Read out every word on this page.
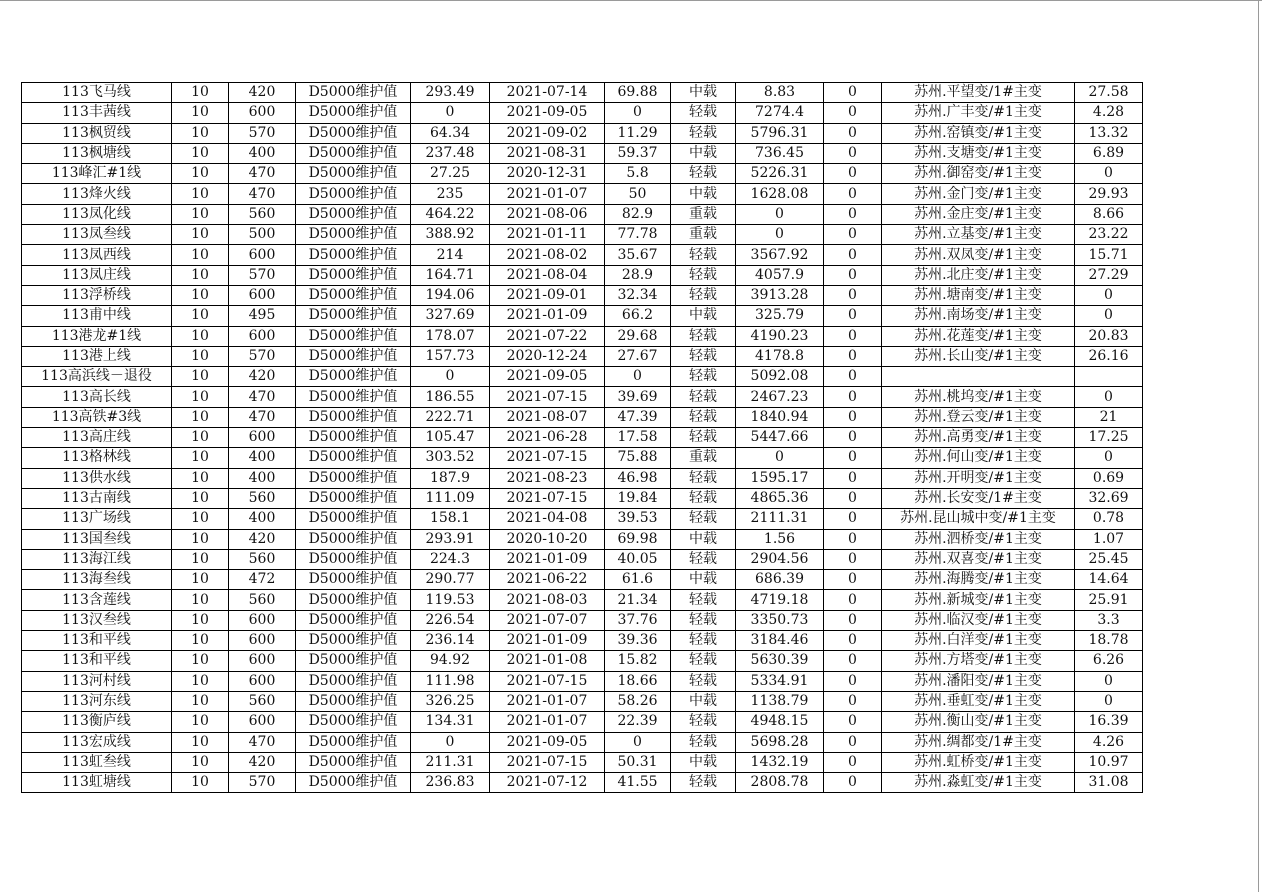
113飞马线	10	420	D5000维护值	293.49	2021-07-14	69.88	中载	8.83	0	苏州.平望变/1#主变	27.58
113丰茜线	10	600	D5000维护值	0	2021-09-05	0	轻载	7274.4	0	苏州.广丰变/#1主变	4.28
113枫贸线	10	570	D5000维护值	64.34	2021-09-02	11.29	轻载	5796.31	0	苏州.窑镇变/#1主变	13.32
113枫塘线	10	400	D5000维护值	237.48	2021-08-31	59.37	中载	736.45	0	苏州.支塘变/#1主变	6.89
113峰汇#1线	10	470	D5000维护值	27.25	2020-12-31	5.8	轻载	5226.31	0	苏州.御窑变/#1主变	0
113烽火线	10	470	D5000维护值	235	2021-01-07	50	中载	1628.08	0	苏州.金门变/#1主变	29.93
113凤化线	10	560	D5000维护值	464.22	2021-08-06	82.9	重载	0	0	苏州.金庄变/#1主变	8.66
113凤叁线	10	500	D5000维护值	388.92	2021-01-11	77.78	重载	0	0	苏州.立基变/#1主变	23.22
113凤西线	10	600	D5000维护值	214	2021-08-02	35.67	轻载	3567.92	0	苏州.双凤变/#1主变	15.71
113凤庄线	10	570	D5000维护值	164.71	2021-08-04	28.9	轻载	4057.9	0	苏州.北庄变/#1主变	27.29
113浮桥线	10	600	D5000维护值	194.06	2021-09-01	32.34	轻载	3913.28	0	苏州.塘南变/#1主变	0
113甫中线	10	495	D5000维护值	327.69	2021-01-09	66.2	中载	325.79	0	苏州.南场变/#1主变	0
113港龙#1线	10	600	D5000维护值	178.07	2021-07-22	29.68	轻载	4190.23	0	苏州.花莲变/#1主变	20.83
113港上线	10	570	D5000维护值	157.73	2020-12-24	27.67	轻载	4178.8	0	苏州.长山变/#1主变	26.16
113高浜线－退役	10	420	D5000维护值	0	2021-09-05	0	轻载	5092.08	0		
113高长线	10	470	D5000维护值	186.55	2021-07-15	39.69	轻载	2467.23	0	苏州.桃坞变/#1主变	0
113高铁#3线	10	470	D5000维护值	222.71	2021-08-07	47.39	轻载	1840.94	0	苏州.登云变/#1主变	21
113高庄线	10	600	D5000维护值	105.47	2021-06-28	17.58	轻载	5447.66	0	苏州.高勇变/#1主变	17.25
113格林线	10	400	D5000维护值	303.52	2021-07-15	75.88	重载	0	0	苏州.何山变/#1主变	0
113供水线	10	400	D5000维护值	187.9	2021-08-23	46.98	轻载	1595.17	0	苏州.开明变/#1主变	0.69
113古南线	10	560	D5000维护值	111.09	2021-07-15	19.84	轻载	4865.36	0	苏州.长安变/1#主变	32.69
113广场线	10	400	D5000维护值	158.1	2021-04-08	39.53	轻载	2111.31	0	苏州.昆山城中变/#1主变	0.78
113国叁线	10	420	D5000维护值	293.91	2020-10-20	69.98	中载	1.56	0	苏州.泗桥变/#1主变	1.07
113海江线	10	560	D5000维护值	224.3	2021-01-09	40.05	轻载	2904.56	0	苏州.双喜变/#1主变	25.45
113海叁线	10	472	D5000维护值	290.77	2021-06-22	61.6	中载	686.39	0	苏州.海腾变/#1主变	14.64
113含莲线	10	560	D5000维护值	119.53	2021-08-03	21.34	轻载	4719.18	0	苏州.新城变/#1主变	25.91
113汉叁线	10	600	D5000维护值	226.54	2021-07-07	37.76	轻载	3350.73	0	苏州.临汉变/#1主变	3.3
113和平线	10	600	D5000维护值	236.14	2021-01-09	39.36	轻载	3184.46	0	苏州.白洋变/#1主变	18.78
113和平线	10	600	D5000维护值	94.92	2021-01-08	15.82	轻载	5630.39	0	苏州.方塔变/#1主变	6.26
113河村线	10	600	D5000维护值	111.98	2021-07-15	18.66	轻载	5334.91	0	苏州.潘阳变/#1主变	0
113河东线	10	560	D5000维护值	326.25	2021-01-07	58.26	中载	1138.79	0	苏州.垂虹变/#1主变	0
113衡庐线	10	600	D5000维护值	134.31	2021-01-07	22.39	轻载	4948.15	0	苏州.衡山变/#1主变	16.39
113宏成线	10	470	D5000维护值	0	2021-09-05	0	轻载	5698.28	0	苏州.绸都变/1#主变	4.26
113虹叁线	10	420	D5000维护值	211.31	2021-07-15	50.31	中载	1432.19	0	苏州.虹桥变/#1主变	10.97
113虹塘线	10	570	D5000维护值	236.83	2021-07-12	41.55	轻载	2808.78	0	苏州.淼虹变/#1主变	31.08
